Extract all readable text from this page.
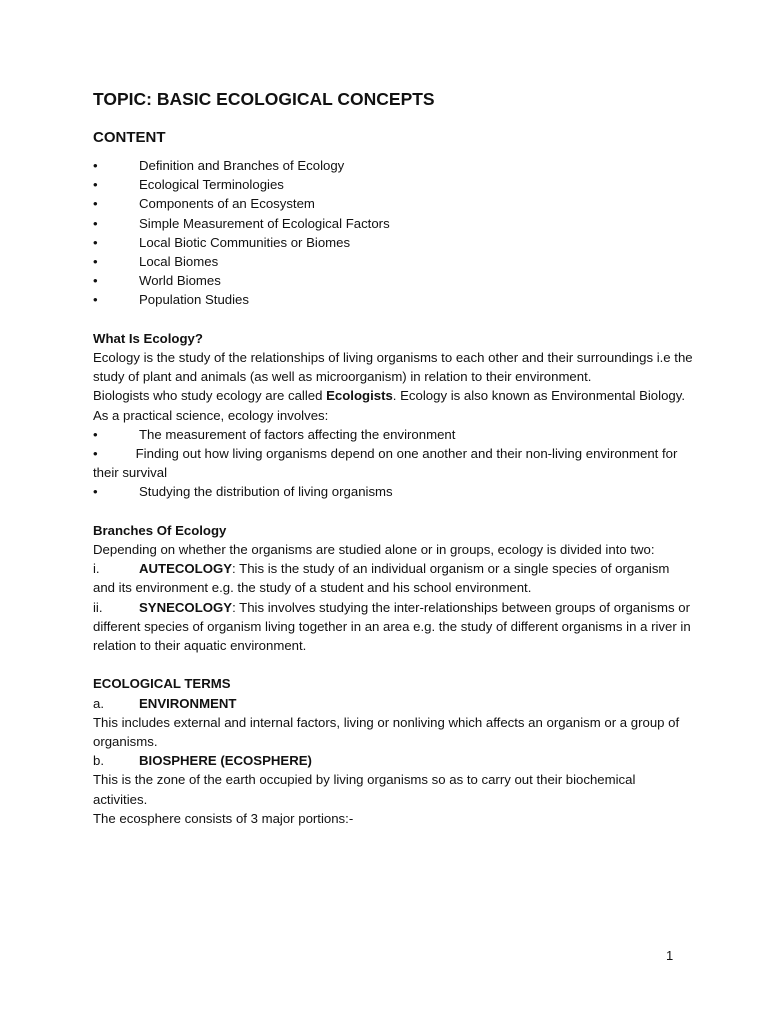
TOPIC: BASIC ECOLOGICAL CONCEPTS
CONTENT
•	Definition and Branches of Ecology
•	Ecological Terminologies
•	Components of an Ecosystem
•	Simple Measurement of Ecological Factors
•	Local Biotic Communities or Biomes
•	Local Biomes
•	World Biomes
•	Population Studies

What Is Ecology?

Ecology is the study of the relationships of living organisms to each other and their surroundings i.e the study of plant and animals (as well as microorganism) in relation to their environment.

Biologists who study ecology are called Ecologists. Ecology is also known as Environmental Biology.

As a practical science, ecology involves:

•	The measurement of factors affecting the environment
•	Finding out how living organisms depend on one another and their non-living environment for their survival
•	Studying the distribution of living organisms

Branches Of Ecology

Depending on whether the organisms are studied alone or in groups, ecology is divided into two:

i.	AUTECOLOGY: This is the study of an individual organism or a single species of organism and its environment e.g. the study of a student and his school environment.

ii.	SYNECOLOGY: This involves studying the inter-relationships between groups of organisms or different species of organism living together in an area e.g. the study of different organisms in a river in relation to their aquatic environment.

ECOLOGICAL TERMS

a.	ENVIRONMENT

This includes external and internal factors, living or nonliving which affects an organism or a group of organisms.

b.	BIOSPHERE (ECOSPHERE)

This is the zone of the earth occupied by living organisms so as to carry out their biochemical activities.

The ecosphere consists of 3 major portions:-

1
